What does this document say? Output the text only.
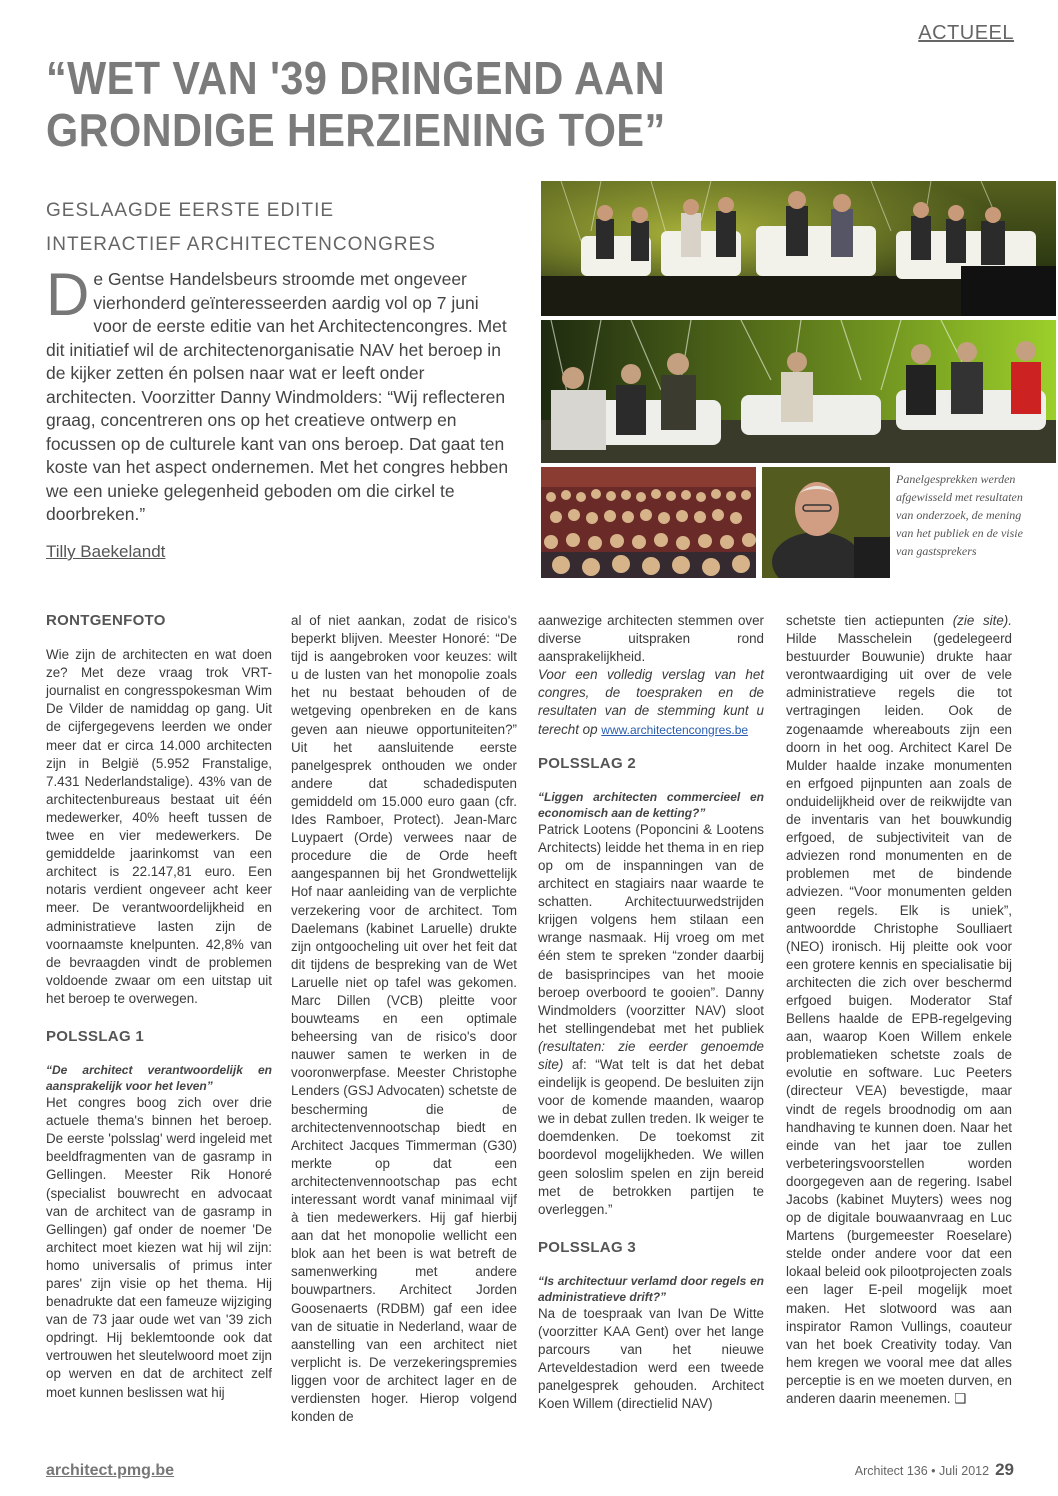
ACTUEEL
“WET VAN '39 DRINGEND AAN
GRONDIGE HERZIENING TOE”
GESLAAGDE EERSTE EDITIE
INTERACTIEF ARCHITECTENCONGRES
De Gentse Handelsbeurs stroomde met ongeveer vierhonderd geïnteresseerden aardig vol op 7 juni voor de eerste editie van het Architectencongres. Met dit initiatief wil de architectenorganisatie NAV het beroep in de kijker zetten én polsen naar wat er leeft onder architecten. Voorzitter Danny Windmolders: “Wij reflecteren graag, concentreren ons op het creatieve ontwerp en focussen op de culturele kant van ons beroep. Dat gaat ten koste van het aspect ondernemen. Met het congres hebben we een unieke gelegenheid geboden om die cirkel te doorbreken.”
Tilly Baekelandt
Panelgesprekken werden afgewisseld met resultaten van onderzoek, de mening van het publiek en de visie van gastsprekers
RONTGENFOTO

Wie zijn de architecten en wat doen ze? Met deze vraag trok VRT-journalist en congresspokesman Wim De Vilder de namiddag op gang. Uit de cijfergegevens leerden we onder meer dat er circa 14.000 architecten zijn in België (5.952 Franstalige, 7.431 Nederlandstalige). 43% van de architectenbureaus bestaat uit één medewerker, 40% heeft tussen de twee en vier medewerkers. De gemiddelde jaarinkomst van een architect is 22.147,81 euro. Een notaris verdient ongeveer acht keer meer. De verantwoordelijkheid en administratieve lasten zijn de voornaamste knelpunten. 42,8% van de bevraagden vindt de problemen voldoende zwaar om een uitstap uit het beroep te overwegen.

POLSSLAG 1

“De architect verantwoordelijk en aansprakelijk voor het leven”

Het congres boog zich over drie actuele thema's binnen het beroep. De eerste 'polsslag' werd ingeleid met beeldfragmenten van de gasramp in Gellingen. Meester Rik Honoré (specialist bouwrecht en advocaat van de architect van de gasramp in Gellingen) gaf onder de noemer 'De architect moet kiezen wat hij wil zijn: homo universalis of primus inter pares' zijn visie op het thema. Hij benadrukte dat een fameuze wijziging van de 73 jaar oude wet van '39 zich opdringt. Hij beklemtoonde ook dat vertrouwen het sleutelwoord moet zijn op werven en dat de architect zelf moet kunnen beslissen wat hij

al of niet aankan, zodat de risico's beperkt blijven. Meester Honoré: “De tijd is aangebroken voor keuzes: wilt u de lusten van het monopolie zoals het nu bestaat behouden of de wetgeving openbreken en de kans geven aan nieuwe opportuniteiten?” Uit het aansluitende eerste panelgesprek onthouden we onder andere dat schadedisputen gemiddeld om 15.000 euro gaan (cfr. Ides Ramboer, Protect). Jean-Marc Luypaert (Orde) verwees naar de procedure die de Orde heeft aangespannen bij het Grondwettelijk Hof naar aanleiding van de verplichte verzekering voor de architect. Tom Daelemans (kabinet Laruelle) drukte zijn ontgoocheling uit over het feit dat dit tijdens de bespreking van de Wet Laruelle niet op tafel was gekomen. Marc Dillen (VCB) pleitte voor bouwteams en een optimale beheersing van de risico's door nauwer samen te werken in de vooronwerpfase. Meester Christophe Lenders (GSJ Advocaten) schetste de bescherming die de architectenvennootschap biedt en Architect Jacques Timmerman (G30) merkte op dat een architectenvennootschap pas echt interessant wordt vanaf minimaal vijf à tien medewerkers. Hij gaf hierbij aan dat het monopolie wellicht een blok aan het been is wat betreft de samenwerking met andere bouwpartners. Architect Jorden Goosenaerts (RDBM) gaf een idee van de situatie in Nederland, waar de aanstelling van een architect niet verplicht is. De verzekeringspremies liggen voor de architect lager en de verdiensten hoger. Hierop volgend konden de

aanwezige architecten stemmen over diverse uitspraken rond aansprakelijkheid.

Voor een volledig verslag van het congres, de toespraken en de resultaten van de stemming kunt u terecht op www.architectencongres.be

POLSSLAG 2

“Liggen architecten commercieel en economisch aan de ketting?”

Patrick Lootens (Poponcini & Lootens Architects) leidde het thema in en riep op om de inspanningen van de architect en stagiairs naar waarde te schatten. Architectuurwedstrijden krijgen volgens hem stilaan een wrange nasmaak. Hij vroeg om met één stem te spreken “zonder daarbij de basisprincipes van het mooie beroep overboord te gooien”. Danny Windmolders (voorzitter NAV) sloot het stellingendebat met het publiek (resultaten: zie eerder genoemde site) af: “Wat telt is dat het debat eindelijk is geopend. De besluiten zijn voor de komende maanden, waarop we in debat zullen treden. Ik weiger te doemdenken. De toekomst zit boordevol mogelijkheden. We willen geen soloslim spelen en zijn bereid met de betrokken partijen te overleggen.”

POLSSLAG 3

“Is architectuur verlamd door regels en administratieve drift?”

Na de toespraak van Ivan De Witte (voorzitter KAA Gent) over het lange parcours van het nieuwe Arteveldestadion werd een tweede panelgesprek gehouden. Architect Koen Willem (directielid NAV)

schetste tien actiepunten (zie site). Hilde Masschelein (gedelegeerd bestuurder Bouwunie) drukte haar verontwaardiging uit over de vele administratieve regels die tot vertragingen leiden. Ook de zogenaamde whereabouts zijn een doorn in het oog. Architect Karel De Mulder haalde inzake monumenten en erfgoed pijnpunten aan zoals de onduidelijkheid over de reikwijdte van de inventaris van het bouwkundig erfgoed, de subjectiviteit van de adviezen rond monumenten en de problemen met de bindende adviezen. “Voor monumenten gelden geen regels. Elk is uniek”, antwoordde Christophe Soulliaert (NEO) ironisch. Hij pleitte ook voor een grotere kennis en specialisatie bij architecten die zich over beschermd erfgoed buigen. Moderator Staf Bellens haalde de EPB-regelgeving aan, waarop Koen Willem enkele problematieken schetste zoals de evolutie en software. Luc Peeters (directeur VEA) bevestigde, maar vindt de regels broodnodig om aan handhaving te kunnen doen. Naar het einde van het jaar toe zullen verbeteringsvoorstellen worden doorgegeven aan de regering. Isabel Jacobs (kabinet Muyters) wees nog op de digitale bouwaanvraag en Luc Martens (burgemeester Roeselare) stelde onder andere voor dat een lokaal beleid ook pilootprojecten zoals een lager E-peil mogelijk moet maken. Het slotwoord was aan inspirator Ramon Vullings, coauteur van het boek Creativity today. Van hem kregen we vooral mee dat alles perceptie is en we moeten durven, en anderen daarin meenemen. ❑

architect.pmg.be	Architect 136 • Juli 2012 29
